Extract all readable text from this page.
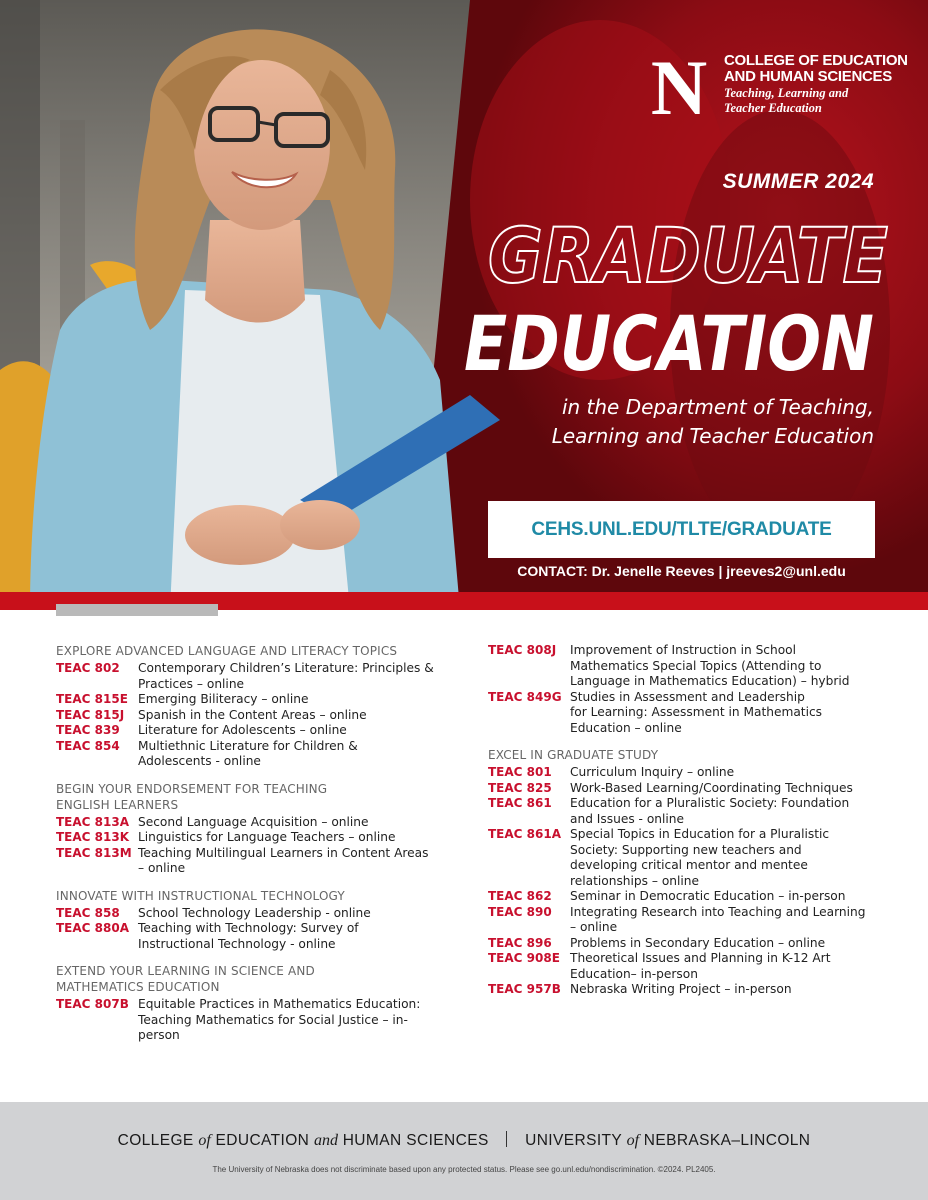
N COLLEGE OF EDUCATION
AND HUMAN SCIENCES
Teaching, Learning and
Teacher Education
SUMMER 2024
GRADUATE
EDUCATION
in the Department of Teaching,
Learning and Teacher Education
CEHS.UNL.EDU/TLTE/GRADUATE
CONTACT: Dr. Jenelle Reeves | jreeves2@unl.edu
EXPLORE ADVANCED LANGUAGE AND LITERACY TOPICS
TEAC 802	Contemporary Children’s Literature: Principles &
Practices – online
TEAC 815E Emerging Biliteracy – online
TEAC 815J	Spanish in the Content Areas – online
TEAC 839	Literature for Adolescents – online
TEAC 854	Multiethnic Literature for Children &
Adolescents - online
BEGIN YOUR ENDORSEMENT FOR TEACHING
ENGLISH LEARNERS
TEAC 813A Second Language Acquisition – online
TEAC 813K Linguistics for Language Teachers – online
TEAC 813M Teaching Multilingual Learners in Content Areas
– online
INNOVATE WITH INSTRUCTIONAL TECHNOLOGY
TEAC 858	School Technology Leadership - online
TEAC 880A Teaching with Technology: Survey of
Instructional Technology - online
EXTEND YOUR LEARNING IN SCIENCE AND
MATHEMATICS EDUCATION
TEAC 807B Equitable Practices in Mathematics Education:
Teaching Mathematics for Social Justice – in-
person
TEAC 808J	Improvement of Instruction in School
Mathematics Special Topics (Attending to
Language in Mathematics Education) – hybrid
TEAC 849G Studies in Assessment and Leadership
for Learning: Assessment in Mathematics
Education – online
EXCEL IN GRADUATE STUDY
TEAC 801	Curriculum Inquiry – online
TEAC 825	Work-Based Learning/Coordinating Techniques
TEAC 861	Education for a Pluralistic Society: Foundation
and Issues - online
TEAC 861A Special Topics in Education for a Pluralistic
Society: Supporting new teachers and
developing critical mentor and mentee
relationships – online
TEAC 862	Seminar in Democratic Education – in-person
TEAC 890	Integrating Research into Teaching and Learning
– online
TEAC 896	Problems in Secondary Education – online
TEAC 908E Theoretical Issues and Planning in K-12 Art
Education– in-person
TEAC 957B Nebraska Writing Project – in-person
COLLEGE of EDUCATION and HUMAN SCIENCES UNIVERSITY of NEBRASKA–LINCOLN
The University of Nebraska does not discriminate based upon any protected status. Please see go.unl.edu/nondiscrimination. ©2024. PL2405.
